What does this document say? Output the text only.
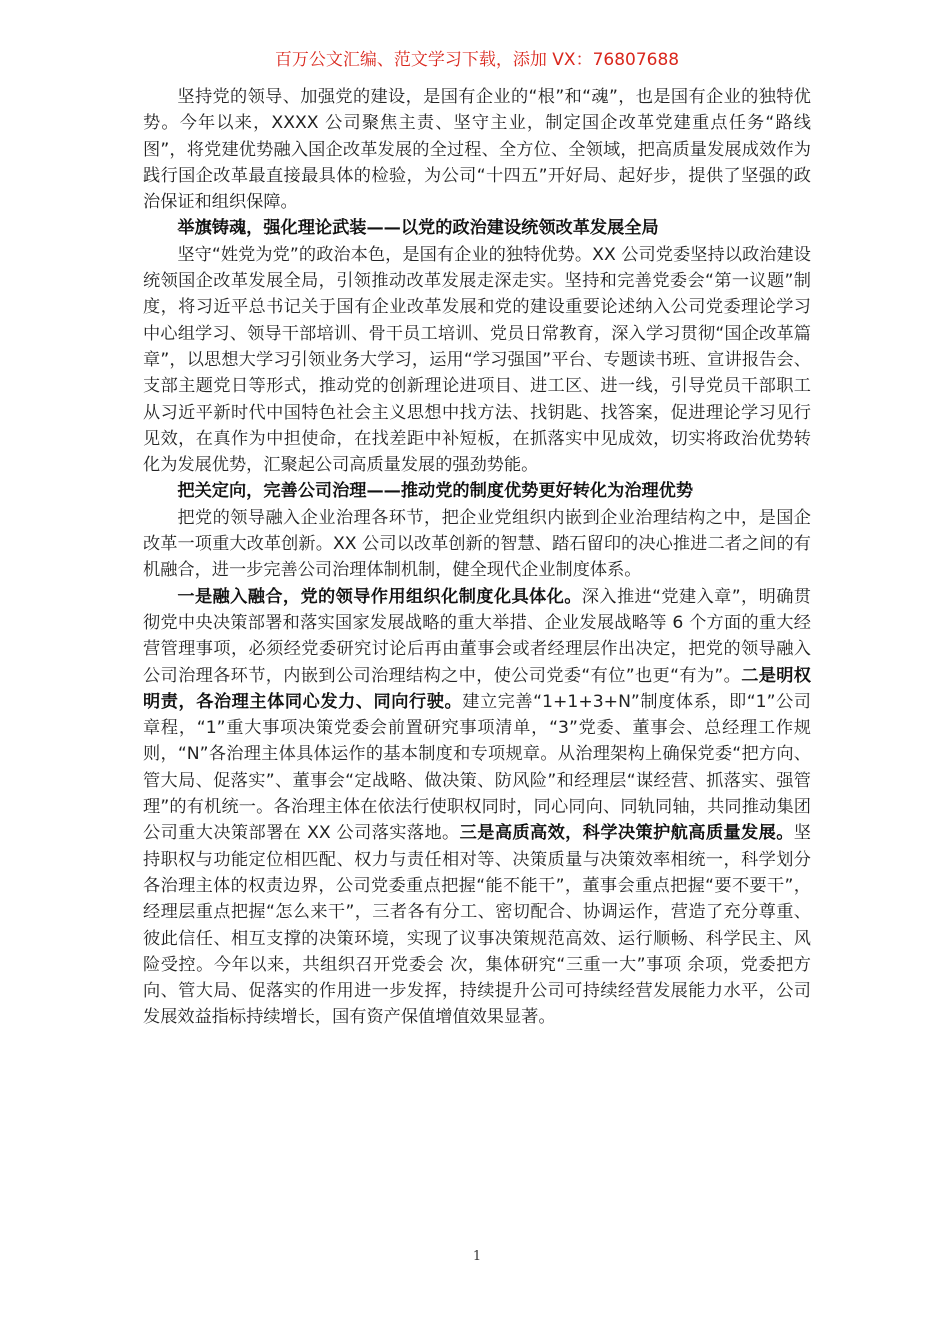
百万公文汇编、范文学习下载，添加 VX：76807688

坚持党的领导、加强党的建设，是国有企业的“根”和“魂”，也是国有企业的独特优势。今年以来，XXXX 公司聚焦主责、坚守主业，制定国企改革党建重点任务“路线图”，将党建优势融入国企改革发展的全过程、全方位、全领域，把高质量发展成效作为践行国企改革最直接最具体的检验，为公司“十四五”开好局、起好步，提供了坚强的政治保证和组织保障。

举旗铸魂，强化理论武装——以党的政治建设统领改革发展全局

坚守“姓党为党”的政治本色，是国有企业的独特优势。XX 公司党委坚持以政治建设统领国企改革发展全局，引领推动改革发展走深走实。坚持和完善党委会“第一议题”制度，将习近平总书记关于国有企业改革发展和党的建设重要论述纳入公司党委理论学习中心组学习、领导干部培训、骨干员工培训、党员日常教育，深入学习贯彻“国企改革篇章”，以思想大学习引领业务大学习，运用“学习强国”平台、专题读书班、宣讲报告会、支部主题党日等形式，推动党的创新理论进项目、进工区、进一线，引导党员干部职工从习近平新时代中国特色社会主义思想中找方法、找钥匙、找答案，促进理论学习见行见效，在真作为中担使命，在找差距中补短板，在抓落实中见成效，切实将政治优势转化为发展优势，汇聚起公司高质量发展的强劲势能。

把关定向，完善公司治理——推动党的制度优势更好转化为治理优势

把党的领导融入企业治理各环节，把企业党组织内嵌到企业治理结构之中，是国企改革一项重大改革创新。XX 公司以改革创新的智慧、踏石留印的决心推进二者之间的有机融合，进一步完善公司治理体制机制，健全现代企业制度体系。

一是融入融合，党的领导作用组织化制度化具体化。深入推进“党建入章”，明确贯彻党中央决策部署和落实国家发展战略的重大举措、企业发展战略等 6 个方面的重大经营管理事项，必须经党委研究讨论后再由董事会或者经理层作出决定，把党的领导融入公司治理各环节，内嵌到公司治理结构之中，使公司党委“有位”也更“有为”。二是明权明责，各治理主体同心发力、同向行驶。建立完善“1+1+3+N”制度体系，即“1”公司章程，“1”重大事项决策党委会前置研究事项清单，“3”党委、董事会、总经理工作规则，“N”各治理主体具体运作的基本制度和专项规章。从治理架构上确保党委“把方向、管大局、促落实”、董事会“定战略、做决策、防风险”和经理层“谋经营、抓落实、强管理”的有机统一。各治理主体在依法行使职权同时，同心同向、同轨同轴，共同推动集团公司重大决策部署在 XX 公司落实落地。三是高质高效，科学决策护航高质量发展。坚持职权与功能定位相匹配、权力与责任相对等、决策质量与决策效率相统一，科学划分各治理主体的权责边界，公司党委重点把握“能不能干”，董事会重点把握“要不要干”，经理层重点把握“怎么来干”，三者各有分工、密切配合、协调运作，营造了充分尊重、彼此信任、相互支撑的决策环境，实现了议事决策规范高效、运行顺畅、科学民主、风险受控。今年以来，共组织召开党委会 次，集体研究“三重一大”事项 余项，党委把方向、管大局、促落实的作用进一步发挥，持续提升公司可持续经营发展能力水平，公司发展效益指标持续增长，国有资产保值增值效果显著。

1
